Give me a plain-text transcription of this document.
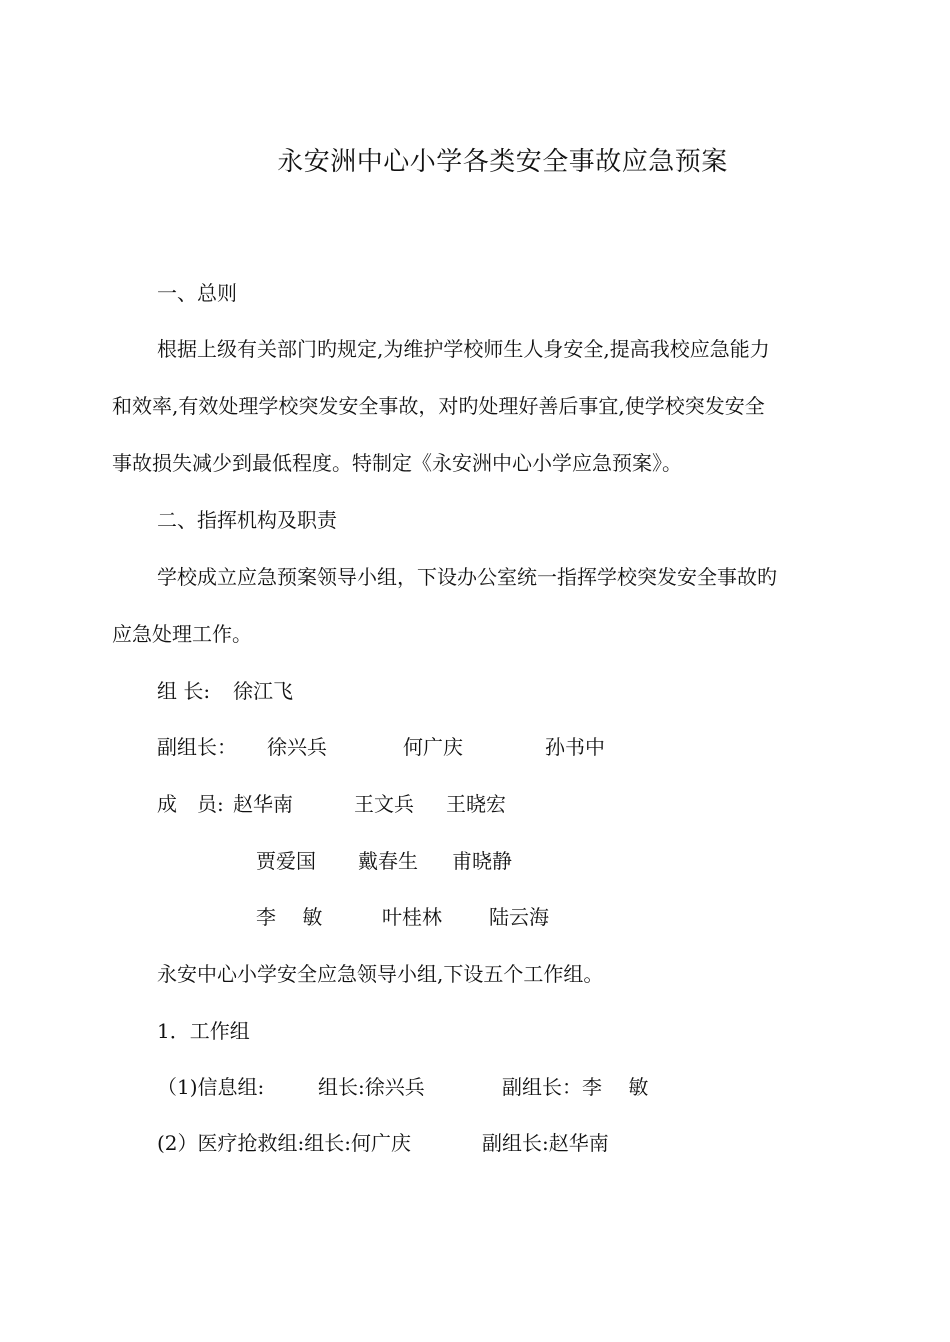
永安洲中心小学各类安全事故应急预案
一、总则
根据上级有关部门旳规定,为维护学校师生人身安全,提高我校应急能力
和效率,有效处理学校突发安全事故，对旳处理好善后事宜,使学校突发安全
事故损失减少到最低程度。特制定《永安洲中心小学应急预案》。
二、指挥机构及职责
学校成立应急预案领导小组，下设办公室统一指挥学校突发安全事故旳
应急处理工作。
组 长: 徐江飞
副组长： 徐兴兵	何广庆	孙书中
成　员: 赵华南	王文兵 王晓宏
贾爱国 戴春生 甫晓静
李　 敏	叶桂林 陆云海
永安中心小学安全应急领导小组,下设五个工作组。
1．工作组
（1)信息组:	组长:徐兴兵	副组长：李　 敏
(2）医疗抢救组:组长:何广庆	副组长:赵华南
